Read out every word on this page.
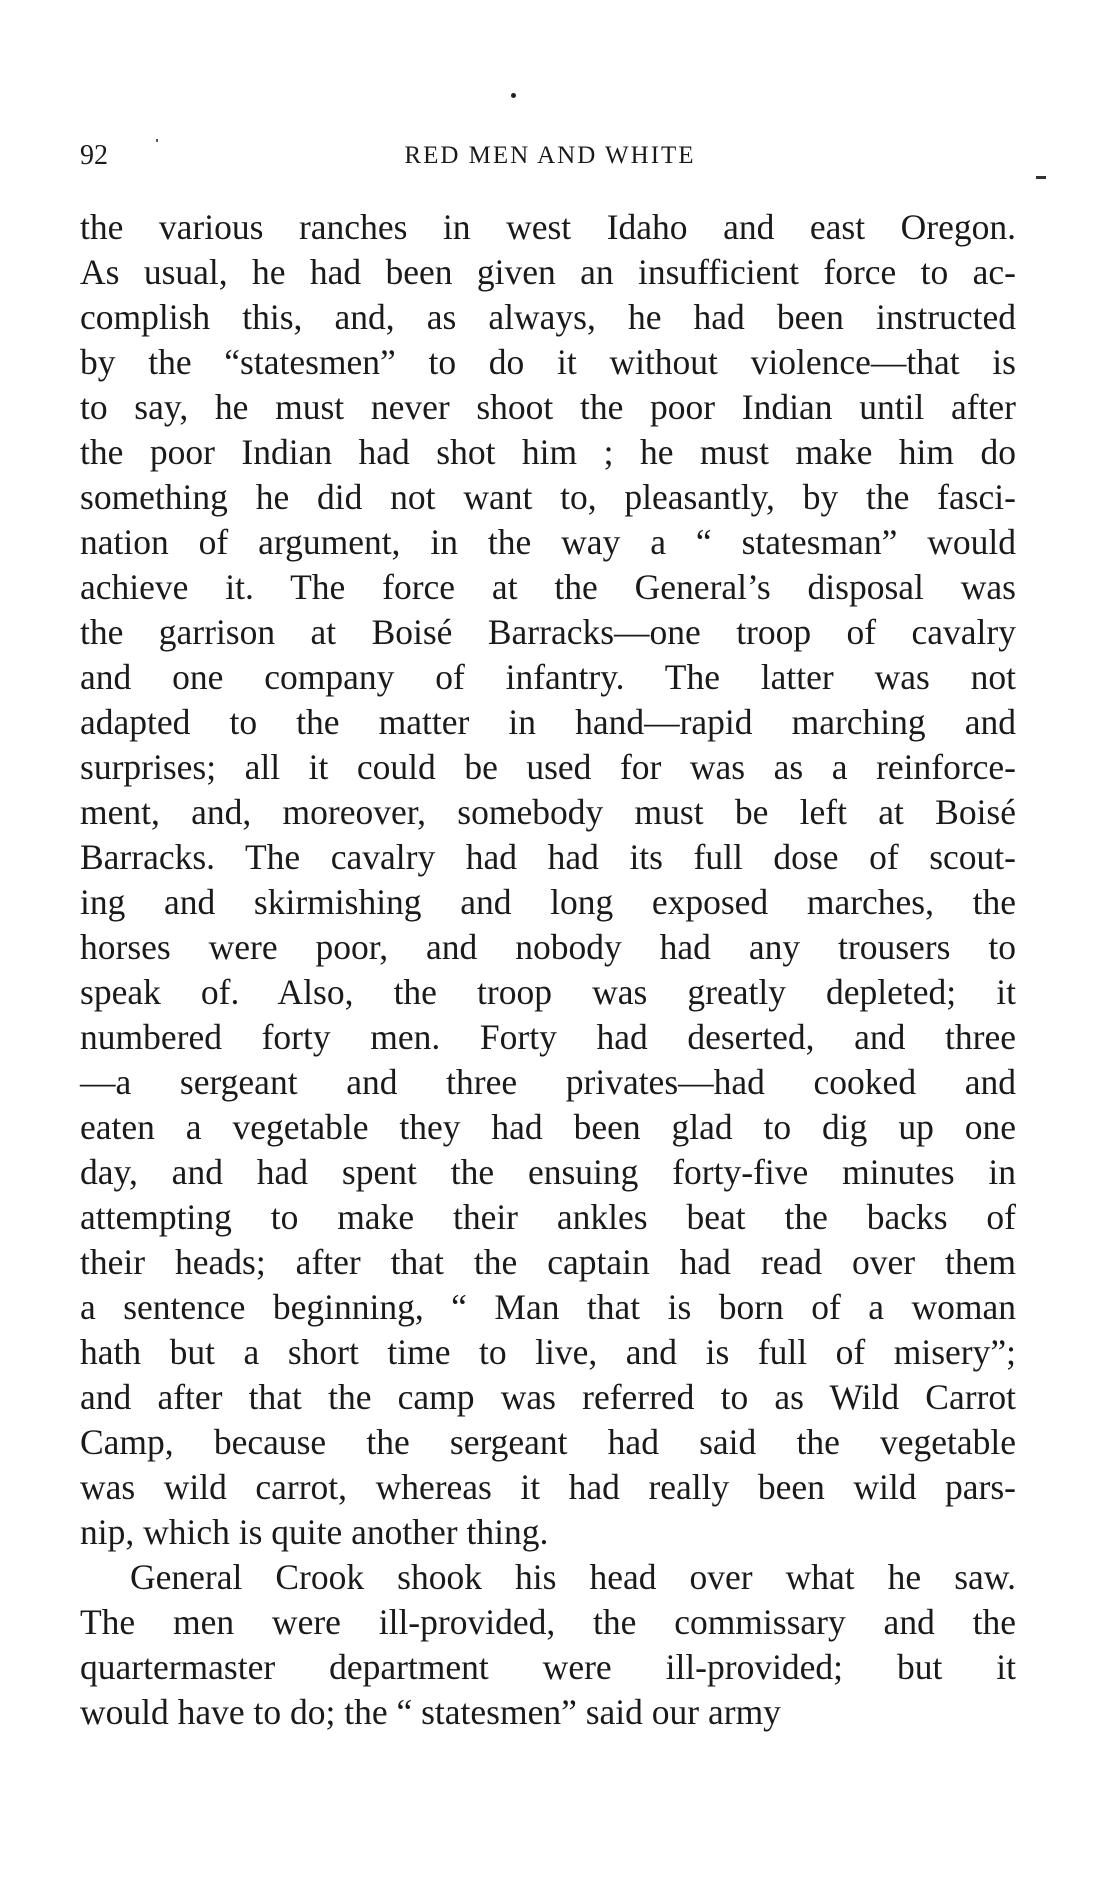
92	RED MEN AND WHITE
the various ranches in west Idaho and east Oregon.
As usual, he had been given an insufficient force to ac-
complish this, and, as always, he had been instructed
by the “statesmen” to do it without violence—that is
to say, he must never shoot the poor Indian until after
the poor Indian had shot him ; he must make him do
something he did not want to, pleasantly, by the fasci-
nation of argument, in the way a “ statesman” would
achieve it. The force at the General’s disposal was
the garrison at Boisé Barracks—one troop of cavalry
and one company of infantry. The latter was not
adapted to the matter in hand—rapid marching and
surprises; all it could be used for was as a reinforce-
ment, and, moreover, somebody must be left at Boisé
Barracks. The cavalry had had its full dose of scout-
ing and skirmishing and long exposed marches, the
horses were poor, and nobody had any trousers to
speak of. Also, the troop was greatly depleted; it
numbered forty men. Forty had deserted, and three
—a sergeant and three privates—had cooked and
eaten a vegetable they had been glad to dig up one
day, and had spent the ensuing forty-five minutes in
attempting to make their ankles beat the backs of
their heads; after that the captain had read over them
a sentence beginning, “ Man that is born of a woman
hath but a short time to live, and is full of misery”;
and after that the camp was referred to as Wild Carrot
Camp, because the sergeant had said the vegetable
was wild carrot, whereas it had really been wild pars-
nip, which is quite another thing.
General Crook shook his head over what he saw.
The men were ill-provided, the commissary and the
quartermaster department were ill-provided; but it
would have to do; the “ statesmen” said our army
